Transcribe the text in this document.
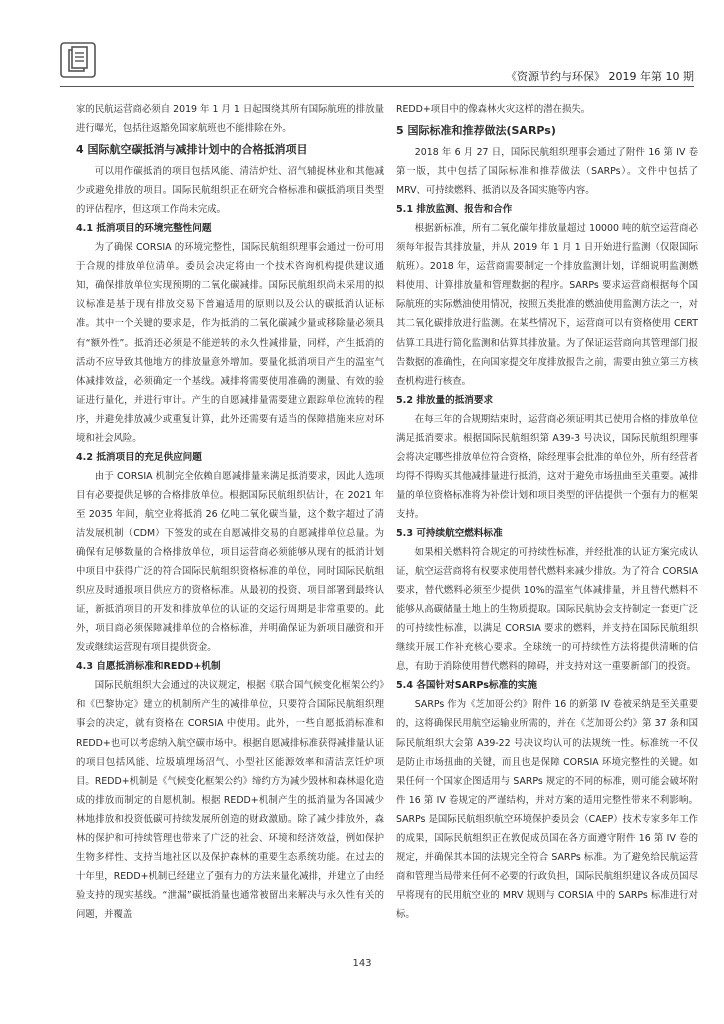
《资源节约与环保》 2019 年第 10 期

家的民航运营商必须自 2019 年 1 月 1 日起围绕其所有国际航班的排放量进行曝光，包括往返豁免国家航班也不能排除在外。

4 国际航空碳抵消与减排计划中的合格抵消项目

可以用作碳抵消的项目包括风能、清洁炉灶、沼气辅捉林业和其他减少或避免排放的项目。国际民航组织正在研究合格标准和碳抵消项目类型的评估程序，但这项工作尚未完成。

4.1 抵消项目的环境完整性问题

为了确保 CORSIA 的环境完整性，国际民航组织理事会通过一份可用于合规的排放单位清单。委员会决定将由一个技术咨询机构提供建议通知，确保排放单位实现预期的二氧化碳减排。国际民航组织尚未采用的拟议标准是基于现有排放交易下普遍适用的原则以及公认的碳抵消认证标准。其中一个关键的要求是，作为抵消的二氧化碳减少量或移除量必须具有“额外性”。抵消还必须是不能逆转的永久性减排量，同样，产生抵消的活动不应导致其他地方的排放量意外增加。要量化抵消项目产生的温室气体减排效益，必须确定一个基线。减排将需要使用准确的测量、有效的验证进行量化，并进行审计。产生的自愿减排量需要建立跟踪单位流转的程序，并避免排放减少或重复计算，此外还需要有适当的保障措施来应对环境和社会风险。

4.2 抵消项目的充足供应问题

由于 CORSIA 机制完全依赖自愿减排量来满足抵消要求，因此人选项目有必要提供足够的合格排放单位。根据国际民航组织估计，在 2021 年至 2035 年间，航空业将抵消 26 亿吨二氧化碳当量，这个数字超过了清洁发展机制（CDM）下签发的或在自愿减排交易的自愿减排单位总量。为确保有足够数量的合格排放单位，项目运营商必须能够从现有的抵消计划中项目中获得广泛的符合国际民航组织资格标准的单位，同时国际民航组织应及时通报项目供应方的资格标准。从最初的投资、项目部署到最终认证，新抵消项目的开发和排放单位的认证的交运行周期是非常重要的。此外，项目商必须保障减排单位的合格标准，并明确保证为新项目融资和开发或继续运营现有项目提供资金。

4.3 自愿抵消标准和REDD+机制

国际民航组织大会通过的决议规定，根据《联合国气候变化框架公约》和《巴黎协定》建立的机制所产生的减排单位，只要符合国际民航组织理事会的决定，就有资格在 CORSIA 中使用。此外，一些自愿抵消标准和 REDD+也可以考虑纳入航空碳市场中。根据自愿减排标准获得减排量认证的项目包括风能、垃圾填埋场沼气、小型社区能源效率和清洁烹饪炉项目。REDD+机制是《气候变化框架公约》缔约方为减少毁林和森林退化造成的排放而制定的自愿机制。根据 REDD+机制产生的抵消量为各国减少林地排放和投资低碳可持续发展所创造的财政激励。除了减少排放外，森林的保护和可持续管理也带来了广泛的社会、环境和经济效益，例如保护生物多样性、支持当地社区以及保护森林的重要生态系统功能。在过去的十年里，REDD+机制已经建立了强有力的方法来量化减排，并建立了由经验支持的现实基线。“泄漏”碳抵消量也通常被留出来解决与永久性有关的问题，并覆盖

REDD+项目中的像森林火灾这样的潜在损失。

5 国际标准和推荐做法(SARPs)

2018 年 6 月 27 日，国际民航组织理事会通过了附件 16 第 IV 卷第一版，其中包括了国际标准和推荐做法（SARPs）。文件中包括了 MRV、可持续燃料、抵消以及各国实施等内容。

5.1 排放监测、报告和合作

根据新标准，所有二氧化碳年排放量超过 10000 吨的航空运营商必须每年报告其排放量，并从 2019 年 1 月 1 日开始进行监测（仅限国际航班）。2018 年，运营商需要制定一个排放监测计划，详细说明监测燃料使用、计算排放量和管理数据的程序。SARPs 要求运营商根据每个国际航班的实际燃油使用情况，按照五类批准的燃油使用监测方法之一，对其二氧化碳排放进行监测。在某些情况下，运营商可以有资格使用 CERT 估算工具进行简化监测和估算其排放量。为了保证运营商向其管理部门报告数据的准确性，在向国家提交年度排放报告之前，需要由独立第三方核查机构进行核查。

5.2 排放量的抵消要求

在每三年的合规期结束时，运营商必须证明其已使用合格的排放单位满足抵消要求。根据国际民航组织第 A39-3 号决议，国际民航组织理事会将决定哪些排放单位符合资格，除经理事会批准的单位外，所有经营者均得不得购买其他减排量进行抵消，这对于避免市场扭曲至关重要。减排量的单位资格标准将为补偿计划和项目类型的评估提供一个强有力的框架支持。

5.3 可持续航空燃料标准

如果相关燃料符合规定的可持续性标准，并经批准的认证方案完成认证，航空运营商将有权要求使用替代燃料来减少排放。为了符合 CORSIA 要求，替代燃料必须至少提供 10%的温室气体减排量，并且替代燃料不能够从高碳储量土地上的生物质提取。国际民航协会支持制定一套更广泛的可持续性标准，以满足 CORSIA 要求的燃料，并支持在国际民航组织继续开展工作补充核心要求。全球统一的可持续性方法将提供清晰的信息，有助于消除使用替代燃料的障碍，并支持对这一重要新部门的投资。

5.4 各国针对SARPs标准的实施

SARPs 作为《芝加哥公约》附件 16 的新第 IV 卷被采纳是至关重要的，这将确保民用航空运输业所需的，并在《芝加哥公约》第 37 条和国际民航组织大会第 A39-22 号决议均认可的法规统一性。标准统一不仅是防止市场扭曲的关键，而且也是保障 CORSIA 环境完整性的关键。如果任何一个国家企图适用与 SARPs 规定的不同的标准，则可能会破坏附件 16 第 IV 卷规定的严谨结构，并对方案的适用完整性带来不利影响。SARPs 是国际民航组织航空环境保护委员会（CAEP）技术专家多年工作的成果，国际民航组织正在敦促成员国在各方面遵守附件 16 第 IV 卷的规定，并确保其本国的法规完全符合 SARPs 标准。为了避免给民航运营商和管理当局带来任何不必要的行政负担，国际民航组织建议各成员国尽早将现有的民用航空业的 MRV 规则与 CORSIA 中的 SARPs 标准进行对标。

143
